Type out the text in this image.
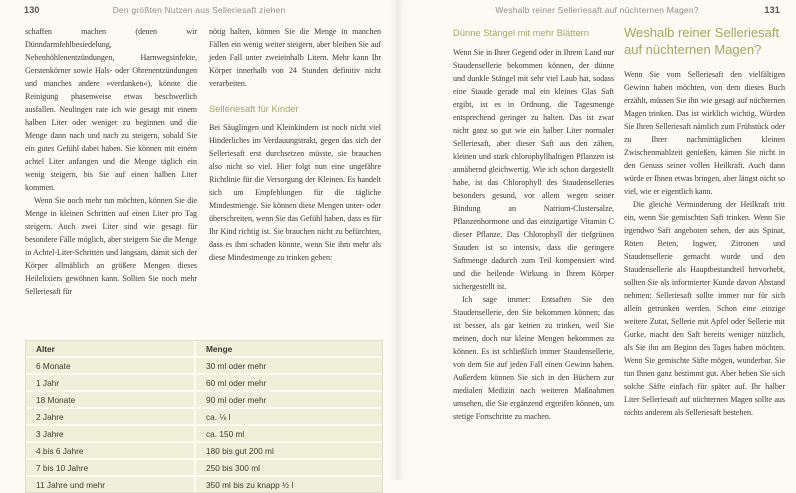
130	Den größten Nutzen aus Selleriesaft ziehen

schaffen machen (denen wir Dünndarmfehlbesiedelung, Nebenhöhlenentzündungen, Harnwegsinfekte, Gerstenkörner sowie Hals- oder Ohrenentzündungen und manches andere »verdanken«), könnte die Reinigung phasenweise etwas beschwerlich ausfallen. Neulingen rate ich wie gesagt mit einem halben Liter oder weniger zu beginnen und die Menge dann nach und nach zu steigern, sobald Sie ein gutes Gefühl dabei haben. Sie können mit einem achtel Liter anfangen und die Menge täglich ein wenig steigern, bis Sie auf einen halben Liter kommen.

Wenn Sie noch mehr tun möchten, können Sie die Menge in kleinen Schritten auf einen Liter pro Tag steigern. Auch zwei Liter sind wie gesagt für besondere Fälle möglich, aber steigern Sie die Menge in Achtel-Liter-Schritten und langsam, damit sich der Körper allmählich an größere Mengen dieses Heilelixiers gewöhnen kann. Sollten Sie noch mehr Selleriesaft für

nötig halten, können Sie die Menge in manchen Fällen ein wenig weiter steigern, aber bleiben Sie auf jeden Fall unter zweieinhalb Litern. Mehr kann Ihr Körper innerhalb von 24 Stunden definitiv nicht verarbeiten.

Selleriesaft für Kinder

Bei Säuglingen und Kleinkindern ist noch nicht viel Hinderliches im Verdauungstrakt, gegen das sich der Selleriesaft erst durchsetzen müsste, sie brauchen also nicht so viel. Hier folgt nun eine ungefähre Richtlinie für die Versorgung der Kleinen. Es handelt sich um Empfehlungen für die tägliche Mindestmenge. Sie können diese Mengen unter- oder überschreiten, wenn Sie das Gefühl haben, dass es für Ihr Kind richtig ist. Sie brauchen nicht zu befürchten, dass es ihm schaden könnte, wenn Sie ihm mehr als diese Mindestmenge zu trinken geben:

Alter	Menge
6 Monate	30 ml oder mehr
1 Jahr	60 ml oder mehr
18 Monate	90 ml oder mehr
2 Jahre	ca. ⅛ l
3 Jahre	ca. 150 ml
4 bis 6 Jahre	180 bis gut 200 ml
7 bis 10 Jahre	250 bis 300 ml
11 Jahre und mehr	350 ml bis zu knapp ½ l
Weshalb reiner Selleriesaft auf nüchternen Magen?	131
Dünne Stängel mit mehr Blättern

Wenn Sie in Ihrer Gegend oder in Ihrem Land nur Staudensellerie bekommen können, der dünne und dunkle Stängel mit sehr viel Laub hat, sodass eine Staude gerade mal ein kleines Glas Saft ergibt, ist es in Ordnung, die Tagesmenge entsprechend geringer zu halten. Das ist zwar nicht ganz so gut wie ein halber Liter normaler Selleriesaft, aber dieser Saft aus den zähen, kleinen und stark chlorophyllhaltigen Pflanzen ist annähernd gleichwertig. Wie ich schon dargestellt habe, ist das Chlorophyll des Staudenselleries besonders gesund, vor allem wegen seiner Bindung an Natrium-Clustersalze, Pflanzenhormone und das einzigartige Vitamin C dieser Pflanze. Das Chlorophyll der tiefgrünen Stauden ist so intensiv, dass die geringere Saftmenge dadurch zum Teil kompensiert wird und die heilende Wirkung in Ihrem Körper sichergestellt ist.

Ich sage immer: Entsaften Sie den Staudensellerie, den Sie bekommen können; das ist besser, als gar keinen zu trinken, weil Sie meinen, doch nur kleine Mengen bekommen zu können. Es ist schließlich immer Staudensellerie, von dem Sie auf jeden Fall einen Gewinn haben. Außerdem können Sie sich in den Büchern zur medialen Medizin nach weiteren Maßnahmen umsehen, die Sie ergänzend ergreifen können, um stetige Fortschritte zu machen.

Weshalb reiner Selleriesaft auf nüchternen Magen?

Wenn Sie vom Selleriesaft den vielfältigen Gewinn haben möchten, von dem dieses Buch erzählt, müssen Sie ihn wie gesagt auf nüchternen Magen trinken. Das ist wirklich wichtig. Würden Sie Ihren Selleriesaft nämlich zum Frühstück oder zu Ihrer nachmittäglichen kleinen Zwischenmahlzeit genießen, kämen Sie nicht in den Genuss seiner vollen Heilkraft. Auch dann würde er Ihnen etwas bringen, aber längst nicht so viel, wie er eigentlich kann.

Die gleiche Verminderung der Heilkraft tritt ein, wenn Sie gemischten Saft trinken. Wenn Sie irgendwo Saft angeboten sehen, der aus Spinat, Roten Beten, Ingwer, Zitronen und Staudensellerie gemacht wurde und den Staudensellerie als Hauptbestandteil hervorhebt, sollten Sie als informierter Kunde davon Abstand nehmen: Selleriesaft sollte immer nur für sich allein getrunken werden. Schon eine einzige weitere Zutat, Sellerie mit Apfel oder Sellerie mit Gurke, macht den Saft bereits weniger nützlich, als Sie ihn am Beginn des Tages haben möchten. Wenn Sie gemischte Säfte mögen, wunderbar. Sie tun Ihnen ganz bestimmt gut. Aber heben Sie sich solche Säfte einfach für später auf. Ihr halber Liter Selleriesaft auf nüchternen Magen sollte aus nichts anderem als Selleriesaft bestehen.
